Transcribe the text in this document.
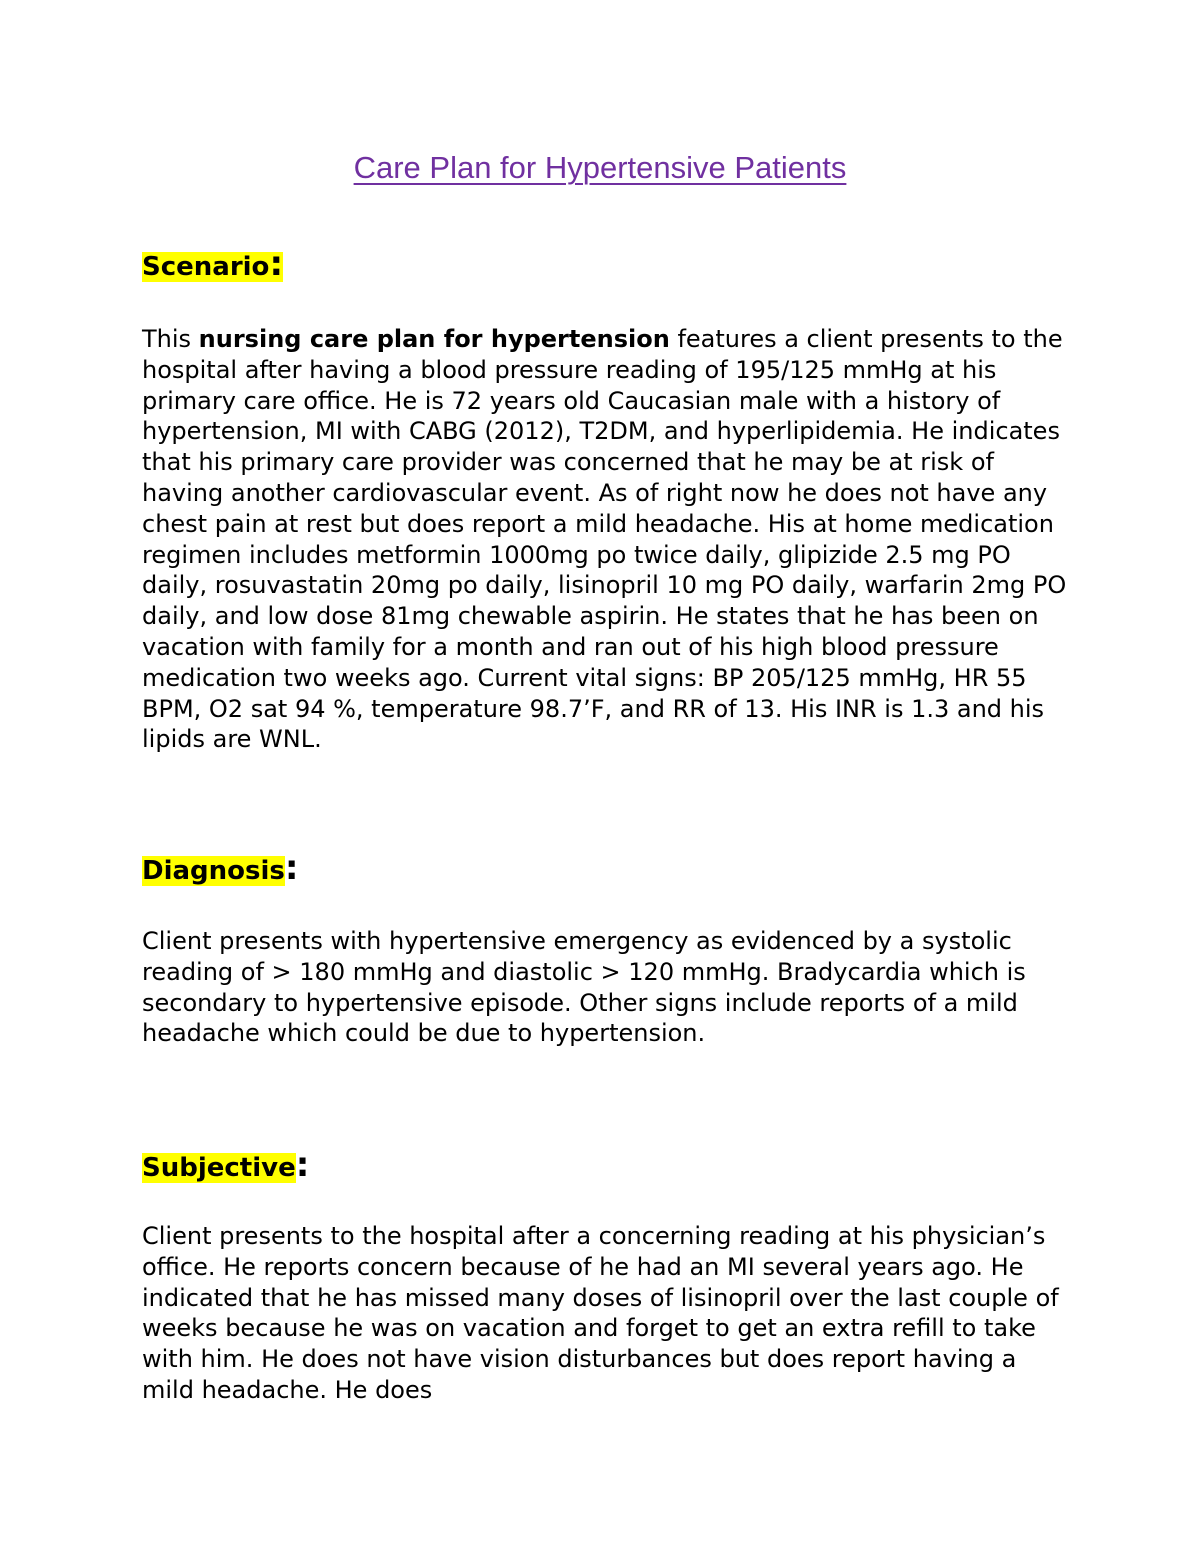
Care Plan for Hypertensive Patients
Scenario:

This nursing care plan for hypertension features a client presents to the hospital after having a blood pressure reading of 195/125 mmHg at his primary care office. He is 72 years old Caucasian male with a history of hypertension, MI with CABG (2012), T2DM, and hyperlipidemia. He indicates that his primary care provider was concerned that he may be at risk of having another cardiovascular event. As of right now he does not have any chest pain at rest but does report a mild headache. His at home medication regimen includes metformin 1000mg po twice daily, glipizide 2.5 mg PO daily, rosuvastatin 20mg po daily, lisinopril 10 mg PO daily, warfarin 2mg PO daily, and low dose 81mg chewable aspirin. He states that he has been on vacation with family for a month and ran out of his high blood pressure medication two weeks ago. Current vital signs: BP 205/125 mmHg, HR 55 BPM, O2 sat 94 %, temperature 98.7’F, and RR of 13. His INR is 1.3 and his lipids are WNL.

Diagnosis:

Client presents with hypertensive emergency as evidenced by a systolic reading of > 180 mmHg and diastolic > 120 mmHg. Bradycardia which is secondary to hypertensive episode. Other signs include reports of a mild headache which could be due to hypertension.

Subjective:

Client presents to the hospital after a concerning reading at his physician’s office. He reports concern because of he had an MI several years ago. He indicated that he has missed many doses of lisinopril over the last couple of weeks because he was on vacation and forget to get an extra refill to take with him. He does not have vision disturbances but does report having a mild headache. He does
